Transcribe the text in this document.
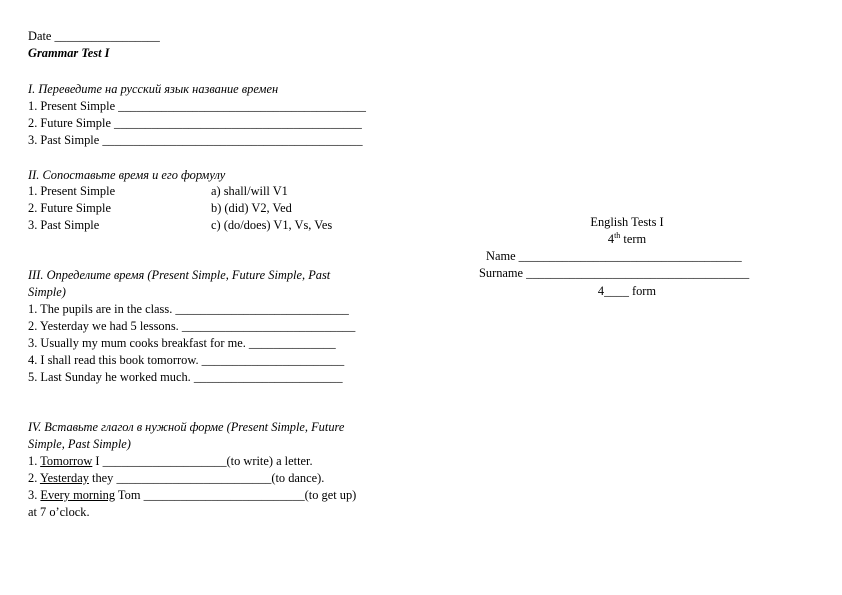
Date _________________
Grammar Test I
I. Переведите на русский язык название времен
1. Present Simple ________________________________________
2. Future Simple ________________________________________
3. Past Simple __________________________________________
II. Сопоставьте время и его формулу
1. Present Simple	a) shall/will V1
2. Future Simple	b) (did) V2, Ved
3. Past Simple	c) (do/does) V1, Vs, Ves
III. Определите время (Present Simple, Future Simple, Past
Simple)
1. The pupils are in the class. ____________________________
2. Yesterday we had 5 lessons. ____________________________
3. Usually my mum cooks breakfast for me. ______________
4. I shall read this book tomorrow. _______________________
5. Last Sunday he worked much. ________________________
IV. Вставьте глагол в нужной форме (Present Simple, Future
Simple, Past Simple)
1. Tomorrow I ____________________(to write) a letter.
2. Yesterday they _________________________(to dance).
3. Every morning Tom __________________________(to get up)
at 7 o’clock.
English Tests I
4th term
Name ____________________________________
Surname ____________________________________
4____ form
